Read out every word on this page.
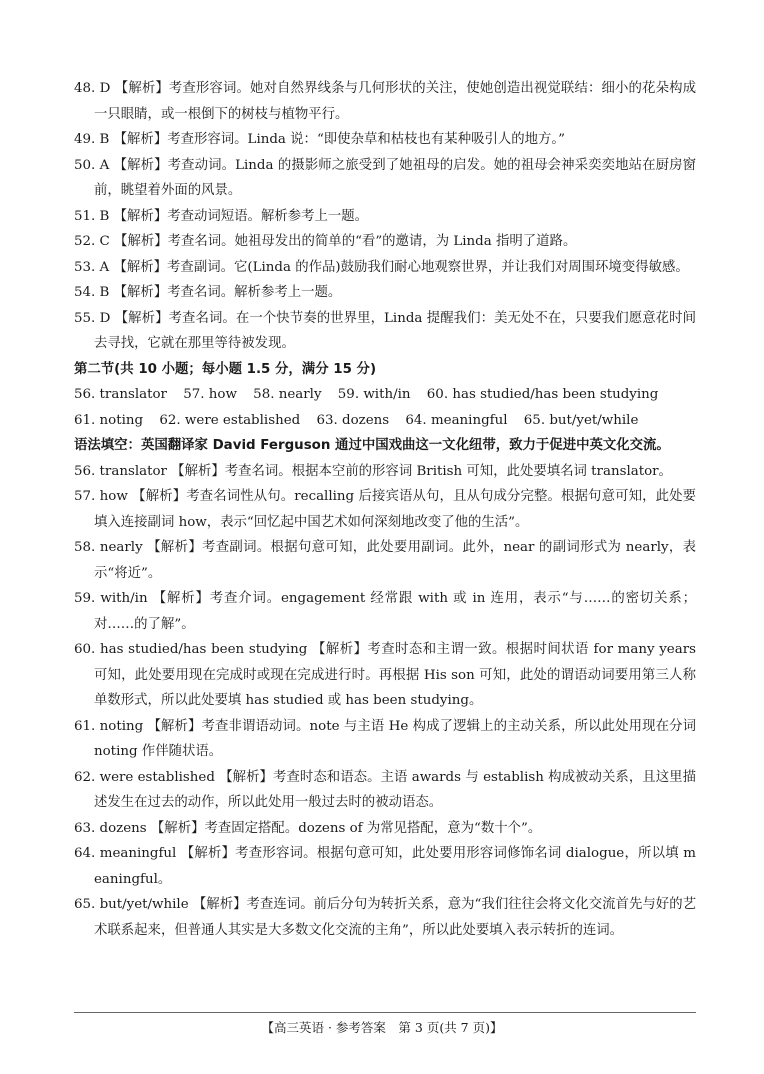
48. D 【解析】考查形容词。她对自然界线条与几何形状的关注，使她创造出视觉联结：细小的花朵构成一只眼睛，或一根倒下的树枝与植物平行。
49. B 【解析】考查形容词。Linda 说：“即使杂草和枯枝也有某种吸引人的地方。”
50. A 【解析】考查动词。Linda 的摄影师之旅受到了她祖母的启发。她的祖母会神采奕奕地站在厨房窗前，眺望着外面的风景。
51. B 【解析】考查动词短语。解析参考上一题。
52. C 【解析】考查名词。她祖母发出的简单的“看”的邀请，为 Linda 指明了道路。
53. A 【解析】考查副词。它(Linda 的作品)鼓励我们耐心地观察世界，并让我们对周围环境变得敏感。
54. B 【解析】考查名词。解析参考上一题。
55. D 【解析】考查名词。在一个快节奏的世界里，Linda 提醒我们：美无处不在，只要我们愿意花时间去寻找，它就在那里等待被发现。
第二节(共 10 小题；每小题 1.5 分，满分 15 分)
56. translator 57. how 58. nearly 59. with/in 60. has studied/has been studying
61. noting 62. were established 63. dozens 64. meaningful 65. but/yet/while
语法填空：英国翻译家 David Ferguson 通过中国戏曲这一文化纽带，致力于促进中英文化交流。
56. translator 【解析】考查名词。根据本空前的形容词 British 可知，此处要填名词 translator。
57. how 【解析】考查名词性从句。recalling 后接宾语从句，且从句成分完整。根据句意可知，此处要填入连接副词 how，表示“回忆起中国艺术如何深刻地改变了他的生活”。
58. nearly 【解析】考查副词。根据句意可知，此处要用副词。此外，near 的副词形式为 nearly，表示“将近”。
59. with/in 【解析】考查介词。engagement 经常跟 with 或 in 连用，表示“与……的密切关系；对……的了解”。
60. has studied/has been studying 【解析】考查时态和主谓一致。根据时间状语 for many years 可知，此处要用现在完成时或现在完成进行时。再根据 His son 可知，此处的谓语动词要用第三人称单数形式，所以此处要填 has studied 或 has been studying。
61. noting 【解析】考查非谓语动词。note 与主语 He 构成了逻辑上的主动关系，所以此处用现在分词 noting 作伴随状语。
62. were established 【解析】考查时态和语态。主语 awards 与 establish 构成被动关系，且这里描述发生在过去的动作，所以此处用一般过去时的被动语态。
63. dozens 【解析】考查固定搭配。dozens of 为常见搭配，意为“数十个”。
64. meaningful 【解析】考查形容词。根据句意可知，此处要用形容词修饰名词 dialogue，所以填 meaningful。
65. but/yet/while 【解析】考查连词。前后分句为转折关系，意为“我们往往会将文化交流首先与好的艺术联系起来，但普通人其实是大多数文化交流的主角”，所以此处要填入表示转折的连词。
【高三英语 · 参考答案　第 3 页(共 7 页)】
